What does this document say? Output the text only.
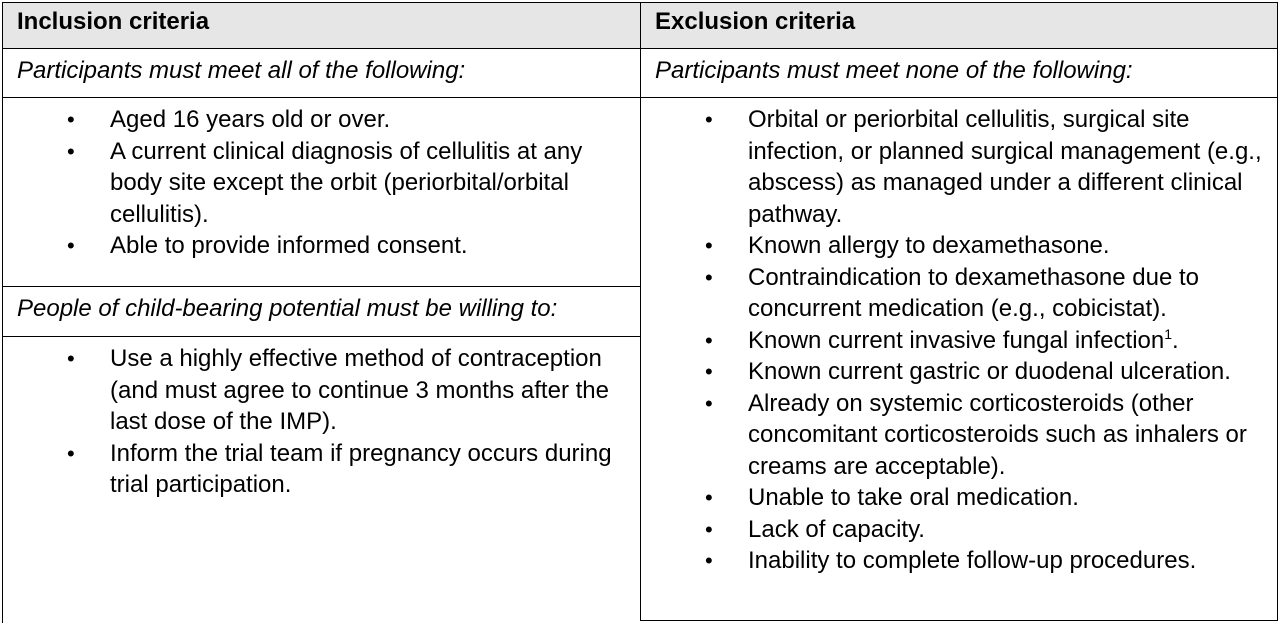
Inclusion criteria
Participants must meet all of the following:
• Aged 16 years old or over.
• A current clinical diagnosis of cellulitis at any body site except the orbit (periorbital/orbital cellulitis).
• Able to provide informed consent.
People of child-bearing potential must be willing to:
• Use a highly effective method of contraception (and must agree to continue 3 months after the last dose of the IMP).
• Inform the trial team if pregnancy occurs during trial participation.
Exclusion criteria
Participants must meet none of the following:
• Orbital or periorbital cellulitis, surgical site infection, or planned surgical management (e.g., abscess) as managed under a different clinical pathway.
• Known allergy to dexamethasone.
• Contraindication to dexamethasone due to concurrent medication (e.g., cobicistat).
• Known current invasive fungal infection$^1$.
• Known current gastric or duodenal ulceration.
• Already on systemic corticosteroids (other concomitant corticosteroids such as inhalers or creams are acceptable).
• Unable to take oral medication.
• Lack of capacity.
• Inability to complete follow-up procedures.
